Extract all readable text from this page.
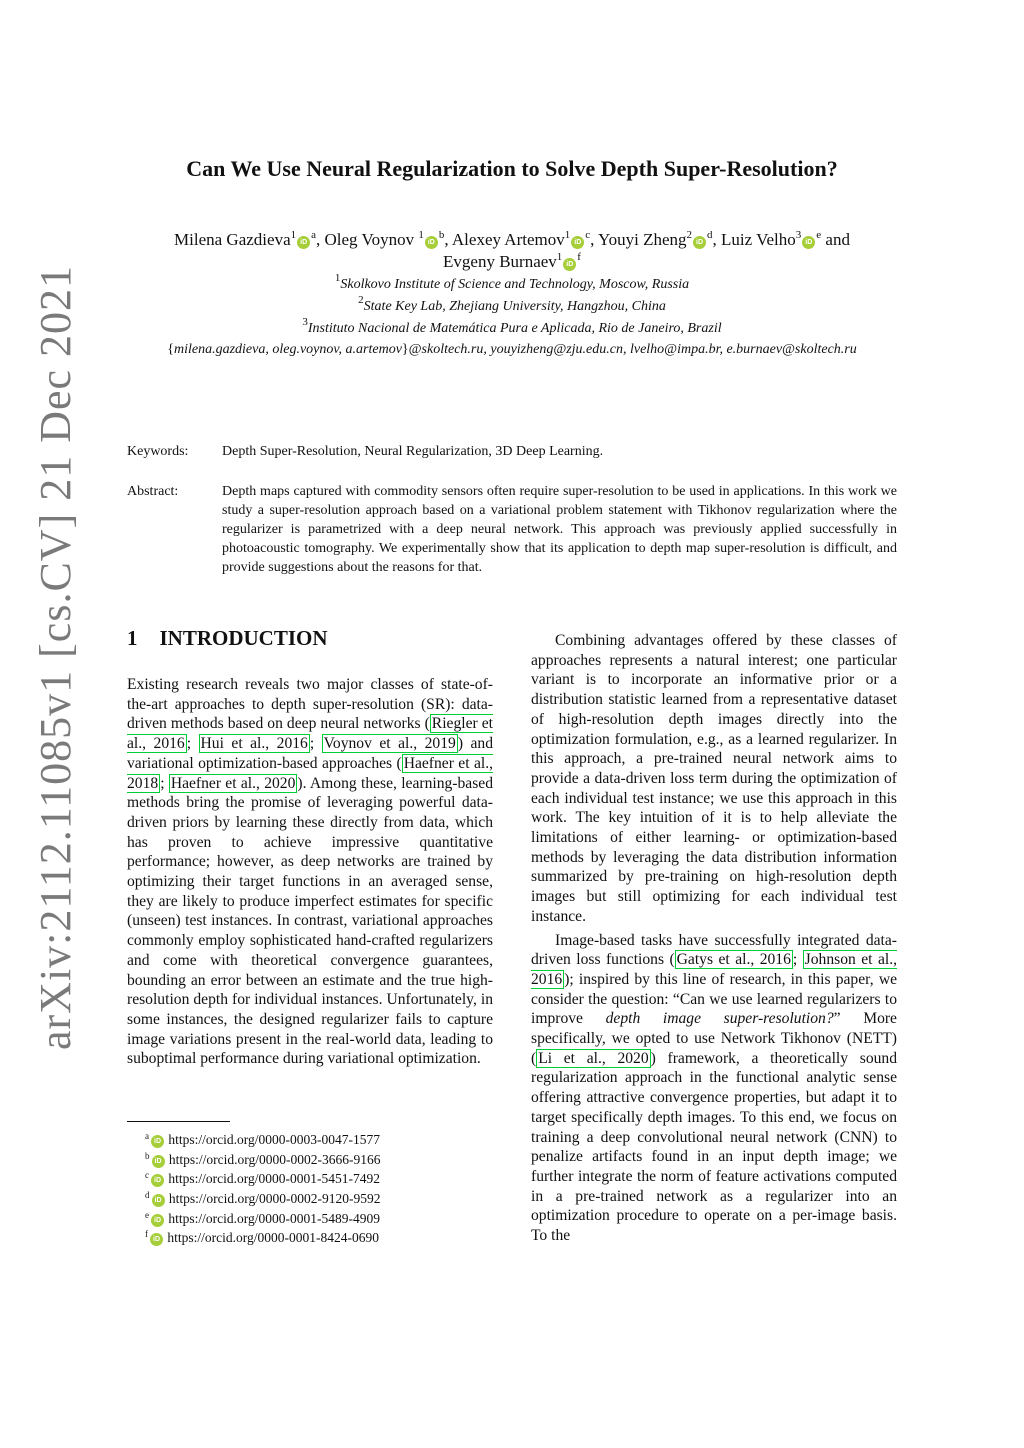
arXiv:2112.11085v1 [cs.CV] 21 Dec 2021
Can We Use Neural Regularization to Solve Depth Super-Resolution?
Milena $Gazdieva^1iD^a$, Oleg Voynov $^1iD^b$, Alexey $Artemov^1iD^c$, Youyi $Zheng^2iD^d$, Luiz $Velho^3iD^e$ and
Evgeny $Burnaev^1iD^f$
$^1$Skolkovo Institute of Science and Technology, Moscow, Russia
$^2$State Key Lab, Zhejiang University, Hangzhou, China
$^3$Instituto Nacional de Matemática Pura e Aplicada, Rio de Janeiro, Brazil
{milena.gazdieva, oleg.voynov, a.artemov}@skoltech.ru, youyizheng@zju.edu.cn, lvelho@impa.br, e.burnaev@skoltech.ru
Keywords:	Depth Super-Resolution, Neural Regularization, 3D Deep Learning.
Abstract:	Depth maps captured with commodity sensors often require super-resolution to be used in applications. In this work we study a super-resolution approach based on a variational problem statement with Tikhonov regularization where the regularizer is parametrized with a deep neural network. This approach was previously applied successfully in photoacoustic tomography. We experimentally show that its application to depth map super-resolution is difficult, and provide suggestions about the reasons for that.
1 INTRODUCTION

Existing research reveals two major classes of state-of-the-art approaches to depth super-resolution (SR): data-driven methods based on deep neural networks ( Riegler et al., 2016 ; Hui et al., 2016 ; Voynov et al., 2019 ) and variational optimization-based approaches ( Haefner et al., 2018 ; Haefner et al., 2020 ). Among these, learning-based methods bring the promise of leveraging powerful data-driven priors by learning these directly from data, which has proven to achieve impressive quantitative performance; however, as deep networks are trained by optimizing their target functions in an averaged sense, they are likely to produce imperfect estimates for specific (unseen) test instances. In contrast, variational approaches commonly employ sophisticated hand-crafted regularizers and come with theoretical convergence guarantees, bounding an error between an estimate and the true high-resolution depth for individual instances. Unfortunately, in some instances, the designed regularizer fails to capture image variations present in the real-world data, leading to suboptimal performance during variational optimization.

$^a$iD https://orcid.org/0000-0003-0047-1577
$^b$iD https://orcid.org/0000-0002-3666-9166
$^c$iD https://orcid.org/0000-0001-5451-7492
$^d$iD https://orcid.org/0000-0002-9120-9592
$^e$iD https://orcid.org/0000-0001-5489-4909
$^f$iD https://orcid.org/0000-0001-8424-0690

Combining advantages offered by these classes of approaches represents a natural interest; one particular variant is to incorporate an informative prior or a distribution statistic learned from a representative dataset of high-resolution depth images directly into the optimization formulation, e.g., as a learned regularizer. In this approach, a pre-trained neural network aims to provide a data-driven loss term during the optimization of each individual test instance; we use this approach in this work. The key intuition of it is to help alleviate the limitations of either learning- or optimization-based methods by leveraging the data distribution information summarized by pre-training on high-resolution depth images but still optimizing for each individual test instance.

Image-based tasks have successfully integrated data-driven loss functions ( Gatys et al., 2016 ; Johnson et al., 2016 ); inspired by this line of research, in this paper, we consider the question: “Can we use learned regularizers to improve depth image super-resolution?” More specifically, we opted to use Network Tikhonov (NETT) ( Li et al., 2020 ) framework, a theoretically sound regularization approach in the functional analytic sense offering attractive convergence properties, but adapt it to target specifically depth images. To this end, we focus on training a deep convolutional neural network (CNN) to penalize artifacts found in an input depth image; we further integrate the norm of feature activations computed in a pre-trained network as a regularizer into an optimization procedure to operate on a per-image basis. To the
